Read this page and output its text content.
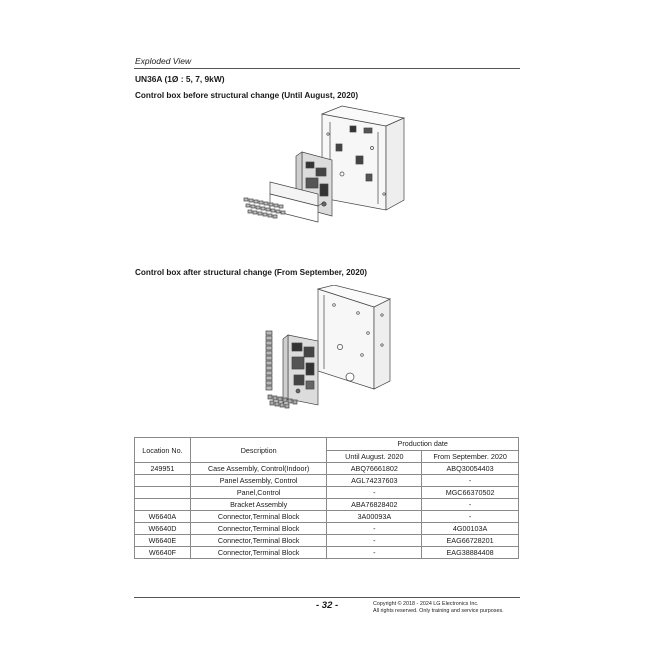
Exploded View
UN36A (1Ø : 5, 7, 9kW)
Control box before structural change (Until August, 2020)
Control box after structural change (From September, 2020)
Location No.	Description	Production date	
		Until August. 2020	From September. 2020
249951	Case Assembly, Control(Indoor)	ABQ76661802	ABQ30054403
	Panel Assembly, Control	AGL74237603	-
	Panel,Control	-	MGC66370502
	Bracket Assembly	ABA76828402	-
W6640A	Connector,Terminal Block	3A00093A	-
W6640D	Connector,Terminal Block	-	4G00103A
W6640E	Connector,Terminal Block	-	EAG66728201
W6640F	Connector,Terminal Block	-	EAG38884408
- 32 -	Copyright © 2018 - 2024 LG Electronics Inc.
All rights reserved. Only training and service purposes.
